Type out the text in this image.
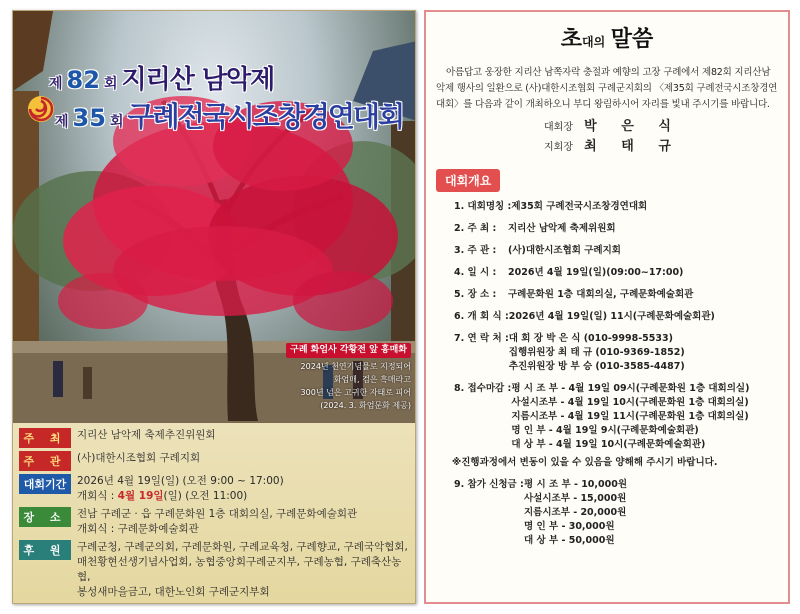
제 82 회 지리산 남악제
제 35 회 구례전국시조창경연대회
구례 화엄사 각황전 앞 홍매화
2024년 천연기념물로 지정되어
화엄매, 검은 흑매라고
300년 넘은 고귀한 자태로 피어
(2024. 3. 화엄문화 제공)
주 최 지리산 남악제 축제추진위원회
주 관 (사)대한시조협회 구례지회
대회기간	2026년 4월 19일(일) (오전 9:00 ~ 17:00)
개회식 : 4월 19일(일) (오전 11:00)
장 소 전남 구례군 · 읍 구례문화원 1층 대회의실, 구례문화예술회관
개회식 : 구례문화예술회관
후 원 구례군청, 구례군의회, 구례문화원, 구례교육청, 구례향교, 구례국악협회,
매천황현선생기념사업회, 농협중앙회구례군지부, 구례농협, 구례축산농협,
봉성새마을금고, 대한노인회 구례군지부회
초대의 말씀

아름답고 웅장한 지리산 남쪽자락 충절과 예향의 고장 구례에서 제82회 지리산남악제 행사의 일환으로 (사)대한시조협회 구례군지회의 〈제35회 구례전국시조창경연대회〉를 다음과 같이 개최하오니 부디 왕림하시어 자리를 빛내 주시기를 바랍니다.

대회장 박 은 식
지회장 최 태 규
대회개요
1. 대회명칭 : 제35회 구례전국시조창경연대회
2. 주 최 :	지리산 남악제 축제위원회
3. 주 관 :	(사)대한시조협회 구례지회
4. 일 시 :	2026년 4월 19일(일)(09:00~17:00)
5. 장 소 :	구례문화원 1층 대회의실, 구례문화예술회관
6. 개 회 식 : 2026년 4월 19일(일) 11시(구례문화예술회관)
7. 연 락 처 : 대 회 장 박 은 식 (010-9998-5533)
집행위원장 최 태 규 (010-9369-1852)
추진위원장 방 부 승 (010-3585-4487)
8. 접수마감 : 평 시 조 부 - 4월 19일 09시(구례문화원 1층 대회의실)
사설시조부 - 4월 19일 10시(구례문화원 1층 대회의실)
지름시조부 - 4월 19일 11시(구례문화원 1층 대회의실)
명 인 부 - 4월 19일 9시(구례문화예술회관)
대 상 부 - 4월 19일 10시(구례문화예술회관)
※진행과정에서 변동이 있을 수 있음을 양해해 주시기 바랍니다.
9. 참가 신청금 : 평 시 조 부 - 10,000원
사설시조부 - 15,000원
지름시조부 - 20,000원
명 인 부 - 30,000원
대 상 부 - 50,000원
